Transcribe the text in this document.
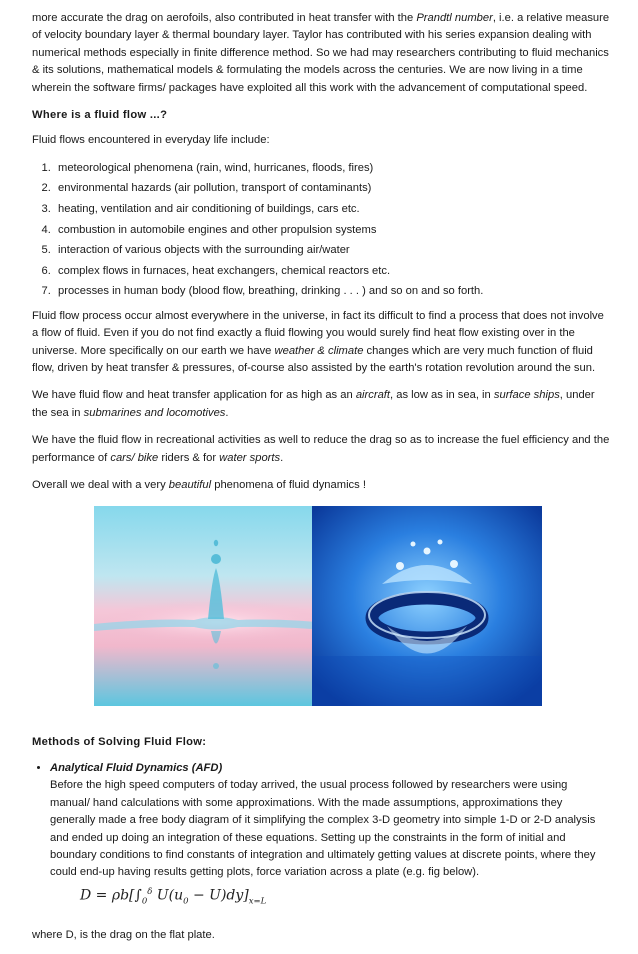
more accurate the drag on aerofoils, also contributed in heat transfer with the Prandtl number, i.e. a relative measure of velocity boundary layer & thermal boundary layer. Taylor has contributed with his series expansion dealing with numerical methods especially in finite difference method. So we had may researchers contributing to fluid mechanics & its solutions, mathematical models & formulating the models across the centuries. We are now living in a time wherein the software firms/ packages have exploited all this work with the advancement of computational speed.

Where is a fluid flow ...?

Fluid flows encountered in everyday life include:

1. meteorological phenomena (rain, wind, hurricanes, floods, fires)
2. environmental hazards (air pollution, transport of contaminants)
3. heating, ventilation and air conditioning of buildings, cars etc.
4. combustion in automobile engines and other propulsion systems
5. interaction of various objects with the surrounding air/water
6. complex flows in furnaces, heat exchangers, chemical reactors etc.
7. processes in human body (blood flow, breathing, drinking . . . ) and so on and so forth.

Fluid flow process occur almost everywhere in the universe, in fact its difficult to find a process that does not involve a flow of fluid. Even if you do not find exactly a fluid flowing you would surely find heat flow existing over in the universe. More specifically on our earth we have weather & climate changes which are very much function of fluid flow, driven by heat transfer & pressures, of-course also assisted by the earth's rotation revolution around the sun.

We have fluid flow and heat transfer application for as high as an aircraft, as low as in sea, in surface ships, under the sea in submarines and locomotives.

We have the fluid flow in recreational activities as well to reduce the drag so as to increase the fuel efficiency and the performance of cars/ bike riders & for water sports.

Overall we deal with a very beautiful phenomena of fluid dynamics !

Methods of Solving Fluid Flow:

• Analytical Fluid Dynamics (AFD)
Before the high speed computers of today arrived, the usual process followed by researchers were using manual/ hand calculations with some approximations. With the made assumptions, approximations they generally made a free body diagram of it simplifying the complex 3-D geometry into simple 1-D or 2-D analysis and ended up doing an integration of these equations. Setting up the constraints in the form of initial and boundary conditions to find constants of integration and ultimately getting values at discrete points, where they could end-up having results getting plots, force variation across a plate (e.g. fig below).
$D = \rho b[\int_0^\delta$ $U(u_0 - U)dy]_{x=L}$

where D, is the drag on the flat plate.
